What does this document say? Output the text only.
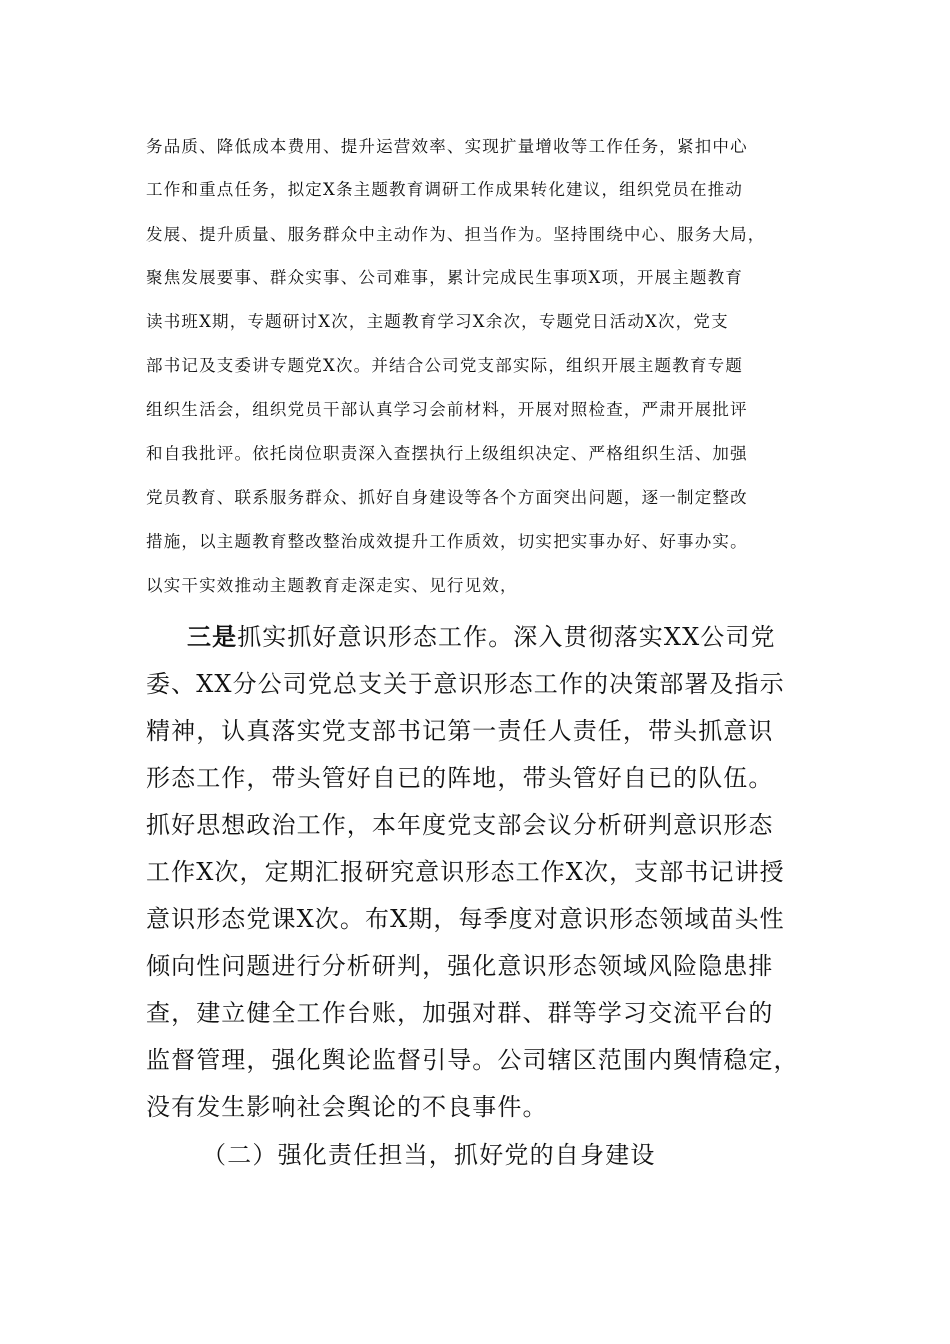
务品质、降低成本费用、提升运营效率、实现扩量增收等工作任务，紧扣中心
工作和重点任务，拟定X条主题教育调研工作成果转化建议，组织党员在推动
发展、提升质量、服务群众中主动作为、担当作为。坚持围绕中心、服务大局，
聚焦发展要事、群众实事、公司难事，累计完成民生事项X项，开展主题教育
读书班X期，专题研讨X次，主题教育学习X余次，专题党日活动X次，党支
部书记及支委讲专题党X次。并结合公司党支部实际，组织开展主题教育专题
组织生活会，组织党员干部认真学习会前材料，开展对照检查，严肃开展批评
和自我批评。依托岗位职责深入查摆执行上级组织决定、严格组织生活、加强
党员教育、联系服务群众、抓好自身建设等各个方面突出问题，逐一制定整改
措施，以主题教育整改整治成效提升工作质效，切实把实事办好、好事办实。
以实干实效推动主题教育走深走实、见行见效，
三是抓实抓好意识形态工作。深入贯彻落实XX公司党
委、XX分公司党总支关于意识形态工作的决策部署及指示
精神，认真落实党支部书记第一责任人责任，带头抓意识
形态工作，带头管好自已的阵地，带头管好自已的队伍。
抓好思想政治工作，本年度党支部会议分析研判意识形态
工作X次，定期汇报研究意识形态工作X次，支部书记讲授
意识形态党课X次。布X期，每季度对意识形态领域苗头性
倾向性问题进行分析研判，强化意识形态领域风险隐患排
查，建立健全工作台账，加强对群、群等学习交流平台的
监督管理，强化舆论监督引导。公司辖区范围内舆情稳定，
没有发生影响社会舆论的不良事件。
（二）强化责任担当，抓好党的自身建设
